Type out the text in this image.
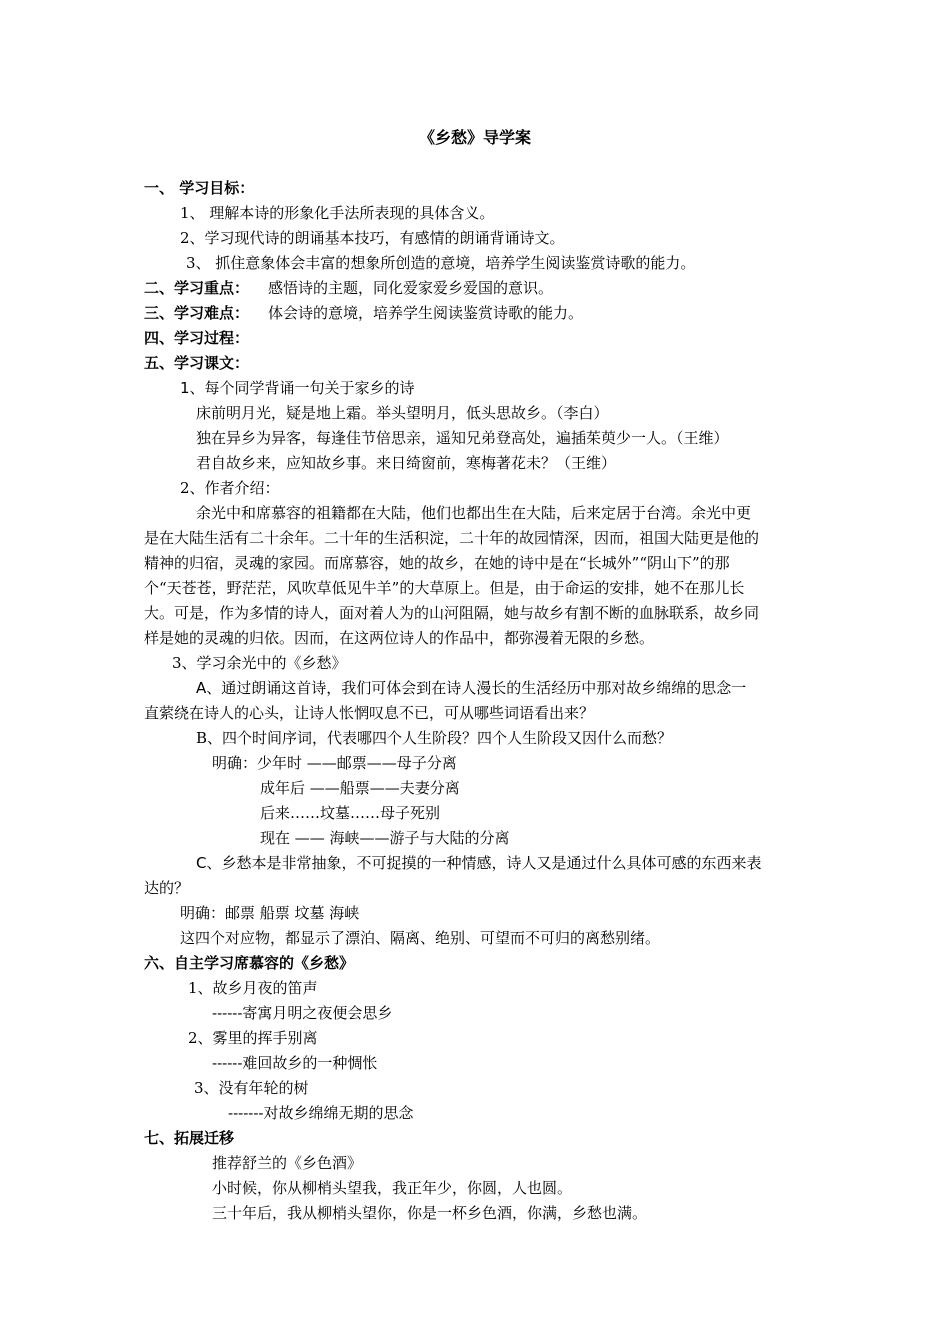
《乡愁》导学案
一、 学习目标：
1、 理解本诗的形象化手法所表现的具体含义。
2、学习现代诗的朗诵基本技巧，有感情的朗诵背诵诗文。
3、 抓住意象体会丰富的想象所创造的意境，培养学生阅读鉴赏诗歌的能力。
二、学习重点： 感悟诗的主题，同化爱家爱乡爱国的意识。
三、学习难点： 体会诗的意境，培养学生阅读鉴赏诗歌的能力。
四、学习过程：
五、学习课文：
1、每个同学背诵一句关于家乡的诗
床前明月光，疑是地上霜。举头望明月，低头思故乡。（李白）
独在异乡为异客，每逢佳节倍思亲，遥知兄弟登高处，遍插茱萸少一人。（王维）
君自故乡来，应知故乡事。来日绮窗前，寒梅著花未？（王维）
2、作者介绍：
余光中和席慕容的祖籍都在大陆，他们也都出生在大陆，后来定居于台湾。余光中更
是在大陆生活有二十余年。二十年的生活积淀，二十年的故园情深，因而，祖国大陆更是他的
精神的归宿，灵魂的家园。而席慕容，她的故乡，在她的诗中是在“长城外”“阴山下”的那
个“天苍苍，野茫茫，风吹草低见牛羊”的大草原上。但是，由于命运的安排，她不在那儿长
大。可是，作为多情的诗人，面对着人为的山河阻隔，她与故乡有割不断的血脉联系，故乡同
样是她的灵魂的归依。因而，在这两位诗人的作品中，都弥漫着无限的乡愁。
3、学习余光中的《乡愁》
A、通过朗诵这首诗，我们可体会到在诗人漫长的生活经历中那对故乡绵绵的思念一
直萦绕在诗人的心头，让诗人怅惘叹息不已，可从哪些词语看出来？
B、四个时间序词，代表哪四个人生阶段？四个人生阶段又因什么而愁？
明确：少年时 ——邮票——母子分离
成年后 ——船票——夫妻分离
后来……坟墓……母子死别
现在 —— 海峡——游子与大陆的分离
C、乡愁本是非常抽象，不可捉摸的一种情感，诗人又是通过什么具体可感的东西来表
达的？
明确：邮票 船票 坟墓 海峡
这四个对应物，都显示了漂泊、隔离、绝别、可望而不可归的离愁别绪。
六、自主学习席慕容的《乡愁》
1、故乡月夜的笛声
------寄寓月明之夜便会思乡
2、雾里的挥手别离
------难回故乡的一种惆怅
3、没有年轮的树
-------对故乡绵绵无期的思念
七、拓展迁移
推荐舒兰的《乡色酒》
小时候，你从柳梢头望我，我正年少，你圆，人也圆。
三十年后，我从柳梢头望你，你是一杯乡色酒，你满，乡愁也满。
